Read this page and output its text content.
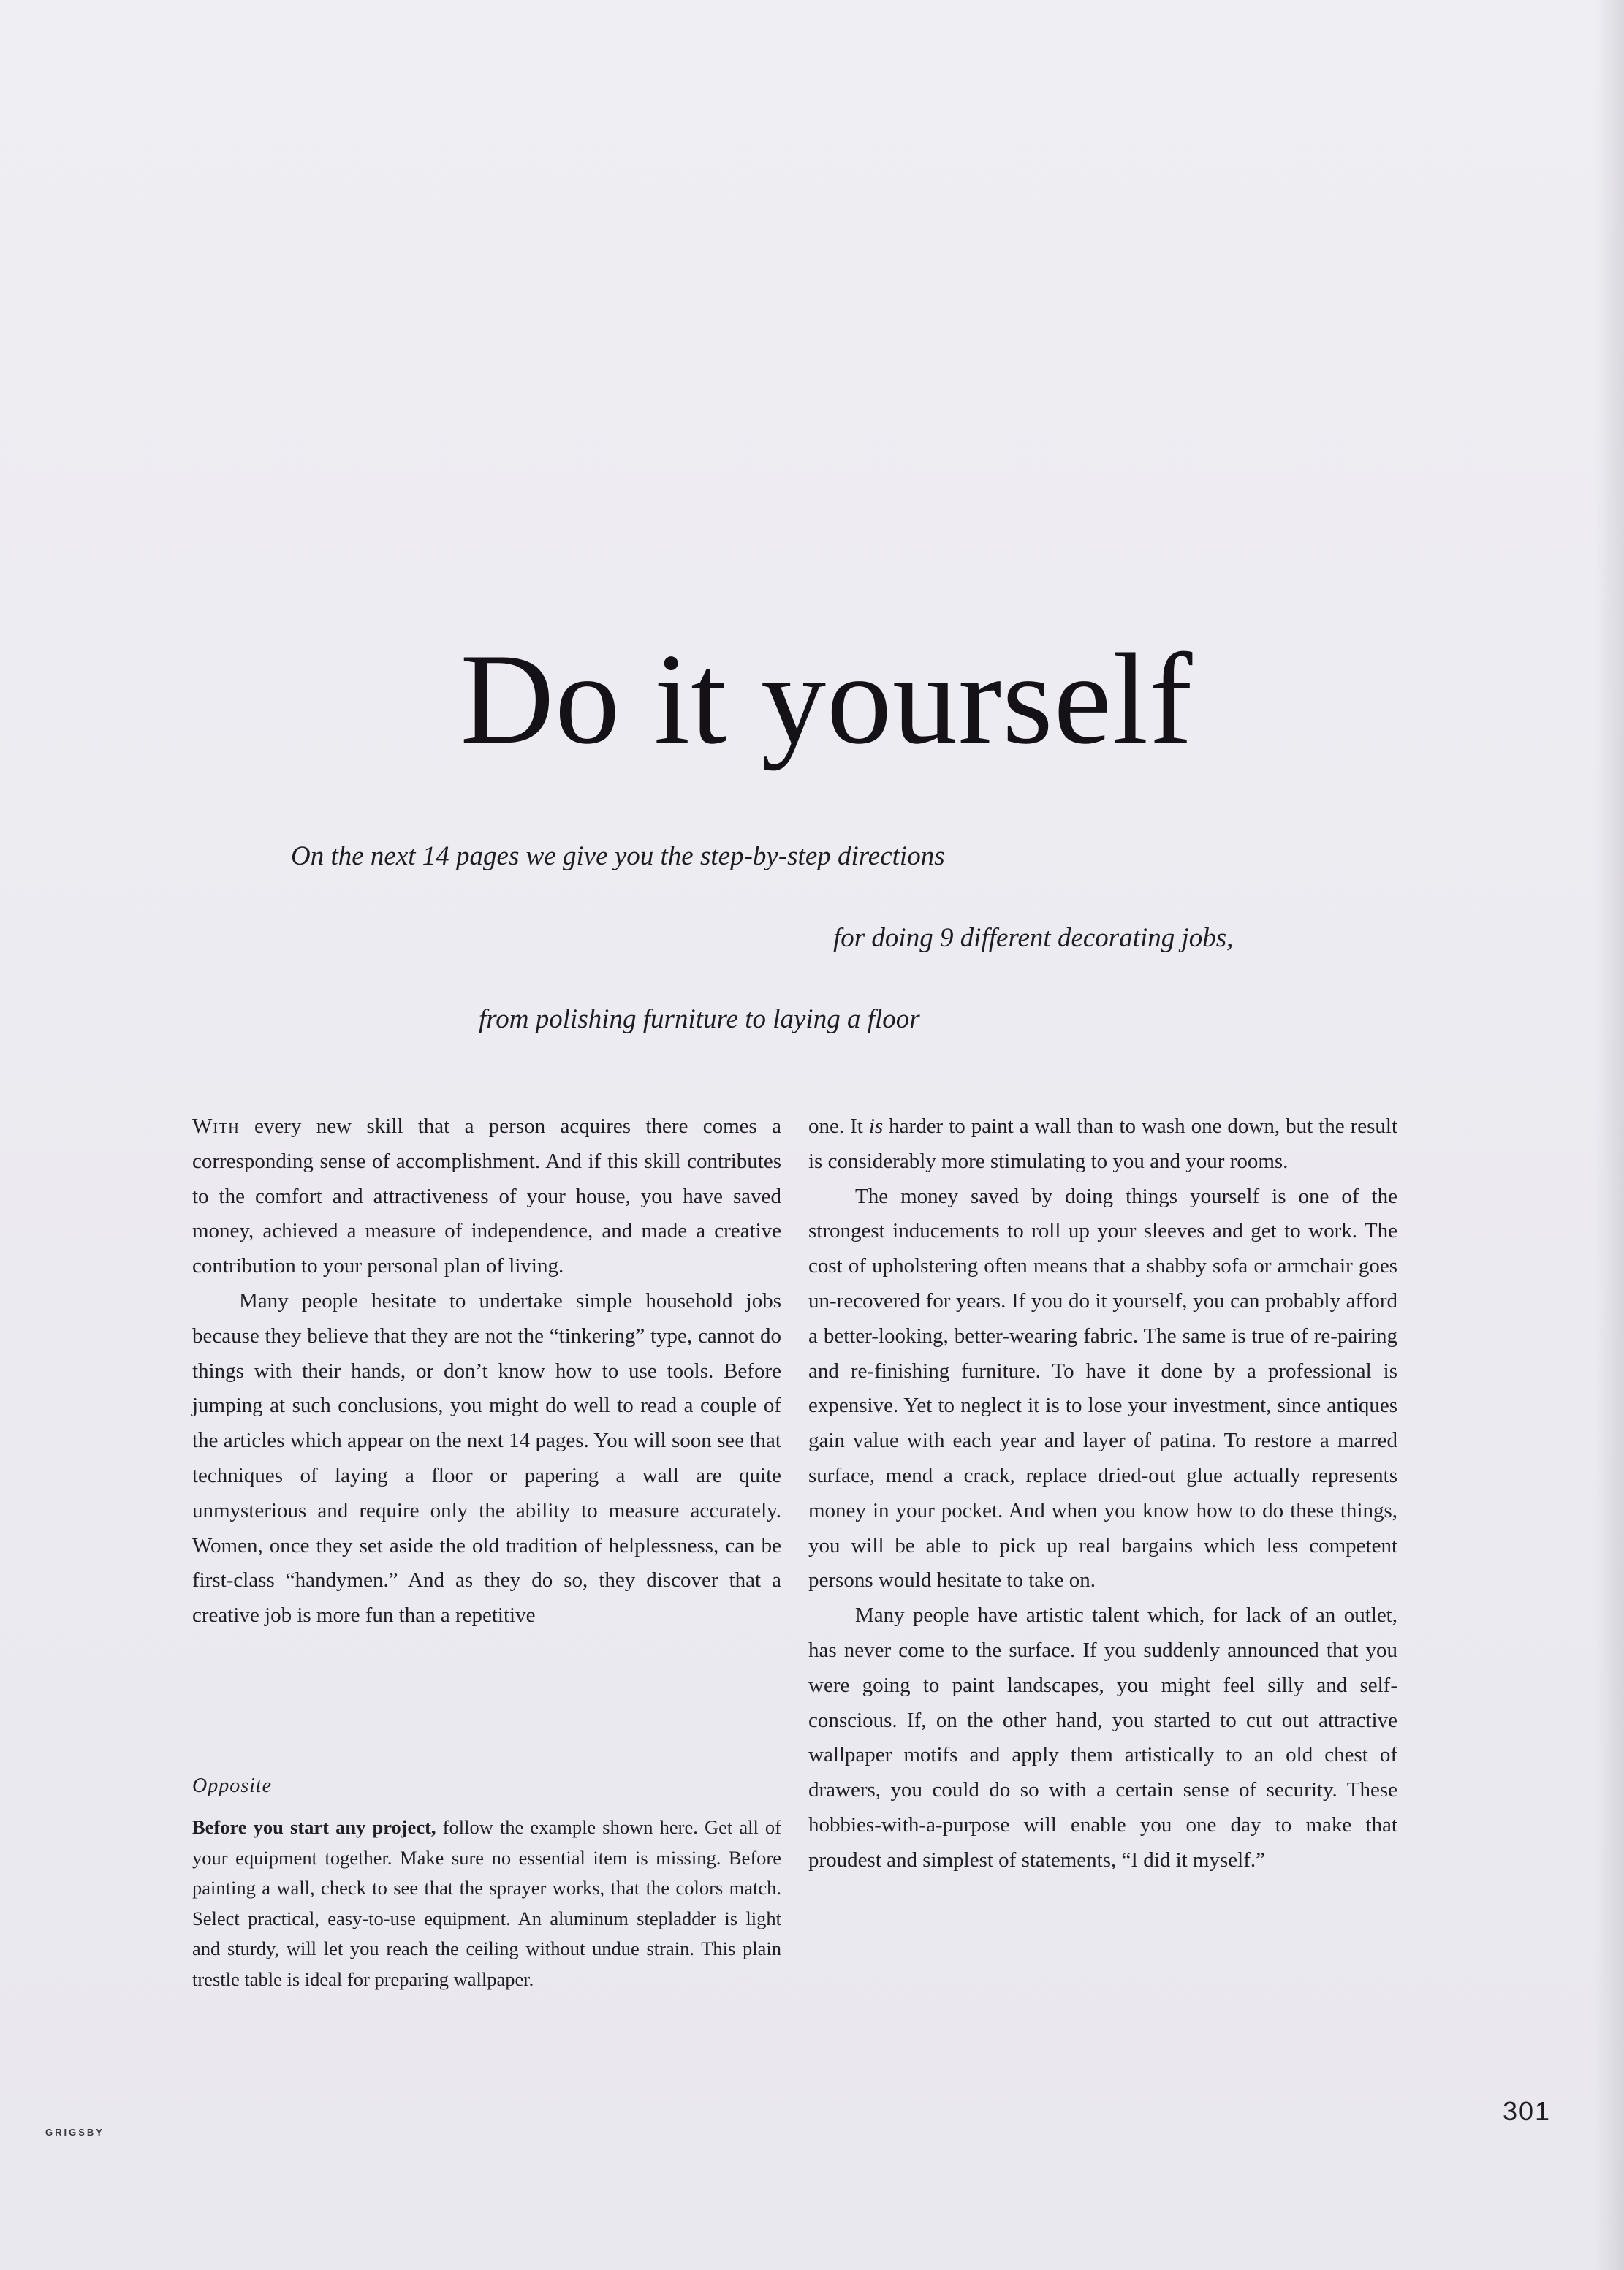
Do it yourself

On the next 14 pages we give you the step-by-step directions

for doing 9 different decorating jobs,

from polishing furniture to laying a floor

With every new skill that a person acquires there comes a corresponding sense of accomplishment. And if this skill contributes to the comfort and attractiveness of your house, you have saved money, achieved a measure of independence, and made a creative contribution to your personal plan of living.

Many people hesitate to undertake simple household jobs because they believe that they are not the “tinkering” type, cannot do things with their hands, or don’t know how to use tools. Before jumping at such conclusions, you might do well to read a couple of the articles which appear on the next 14 pages. You will soon see that techniques of laying a floor or papering a wall are quite unmysterious and require only the ability to measure accurately. Women, once they set aside the old tradition of helplessness, can be first-class “handymen.” And as they do so, they discover that a creative job is more fun than a repetitive

Opposite

Before you start any project, follow the example shown here. Get all of your equipment together. Make sure no essential item is missing. Before painting a wall, check to see that the sprayer works, that the colors match. Select practical, easy-to-use equipment. An aluminum stepladder is light and sturdy, will let you reach the ceiling without undue strain. This plain trestle table is ideal for preparing wallpaper.

one. It is harder to paint a wall than to wash one down, but the result is considerably more stimulating to you and your rooms.

The money saved by doing things yourself is one of the strongest inducements to roll up your sleeves and get to work. The cost of upholstering often means that a shabby sofa or armchair goes un-recovered for years. If you do it yourself, you can probably afford a better-looking, better-wearing fabric. The same is true of re-pairing and re-finishing furniture. To have it done by a professional is expensive. Yet to neglect it is to lose your investment, since antiques gain value with each year and layer of patina. To restore a marred surface, mend a crack, replace dried-out glue actually represents money in your pocket. And when you know how to do these things, you will be able to pick up real bargains which less competent persons would hesitate to take on.

Many people have artistic talent which, for lack of an outlet, has never come to the surface. If you suddenly announced that you were going to paint landscapes, you might feel silly and self-conscious. If, on the other hand, you started to cut out attractive wallpaper motifs and apply them artistically to an old chest of drawers, you could do so with a certain sense of security. These hobbies-with-a-purpose will enable you one day to make that proudest and simplest of statements, “I did it myself.”

GRIGSBY

301
